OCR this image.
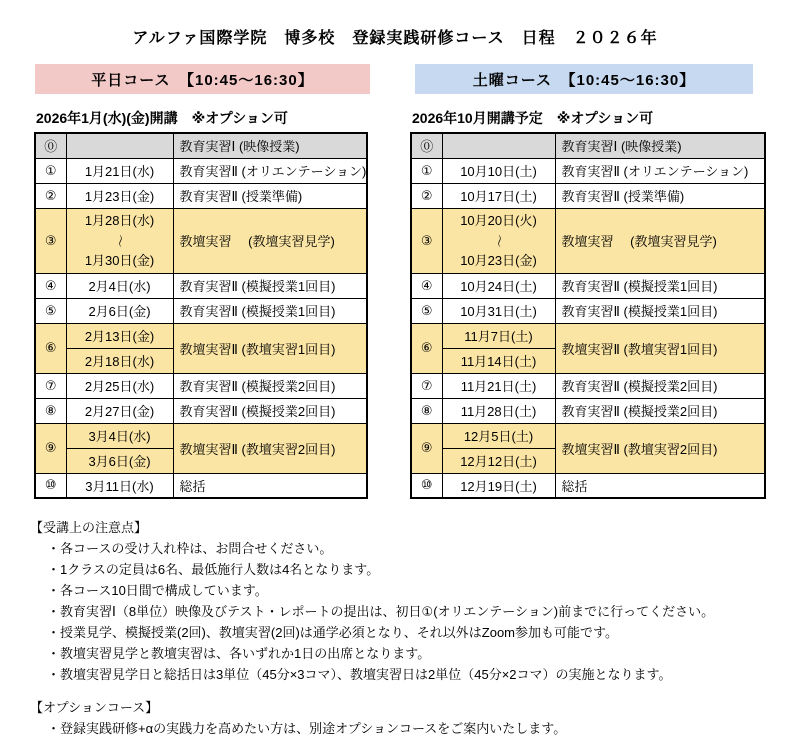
アルファ国際学院　博多校　登録実践研修コース　日程　２０２６年
平日コース　【10:45～16:30】	土曜コース　【10:45～16:30】
2026年1月(水)(金)開講　※オプション可
⓪		教育実習Ⅰ (映像授業)
①	1月21日(水)	教育実習Ⅱ (オリエンテーション)
②	1月23日(金)	教育実習Ⅱ (授業準備)
③	1月28日(水)
～
1月30日(金)	教壇実習　 (教壇実習見学)
④	2月4日(水)	教育実習Ⅱ (模擬授業1回目)
⑤	2月6日(金)	教育実習Ⅱ (模擬授業1回目)
⑥	2月13日(金)	教壇実習Ⅱ (教壇実習1回目)
	2月18日(水)	
⑦	2月25日(水)	教育実習Ⅱ (模擬授業2回目)
⑧	2月27日(金)	教育実習Ⅱ (模擬授業2回目)
⑨	3月4日(水)	教壇実習Ⅱ (教壇実習2回目)
	3月6日(金)	
⑩	3月11日(水)	総括
2026年10月開講予定　※オプション可
⓪		教育実習Ⅰ (映像授業)
①	10月10日(土)	教育実習Ⅱ (オリエンテーション)
②	10月17日(土)	教育実習Ⅱ (授業準備)
③	10月20日(火)
～
10月23日(金)	教壇実習　 (教壇実習見学)
④	10月24日(土)	教育実習Ⅱ (模擬授業1回目)
⑤	10月31日(土)	教育実習Ⅱ (模擬授業1回目)
⑥	11月7日(土)	教壇実習Ⅱ (教壇実習1回目)
	11月14日(土)	
⑦	11月21日(土)	教育実習Ⅱ (模擬授業2回目)
⑧	11月28日(土)	教育実習Ⅱ (模擬授業2回目)
⑨	12月5日(土)	教壇実習Ⅱ (教壇実習2回目)
	12月12日(土)	
⑩	12月19日(土)	総括
【受講上の注意点】
・各コースの受け入れ枠は、お問合せください。
・1クラスの定員は6名、最低施行人数は4名となります。
・各コース10日間で構成しています。
・教育実習Ⅰ（8単位）映像及びテスト・レポートの提出は、初日①(オリエンテーション)前までに行ってください。
・授業見学、模擬授業(2回)、教壇実習(2回)は通学必須となり、それ以外はZoom参加も可能です。
・教壇実習見学と教壇実習は、各いずれか1日の出席となります。
・教壇実習見学日と総括日は3単位（45分×3コマ）、教壇実習日は2単位（45分×2コマ）の実施となります。
【オプションコース】
・登録実践研修+αの実践力を高めたい方は、別途オプションコースをご案内いたします。
